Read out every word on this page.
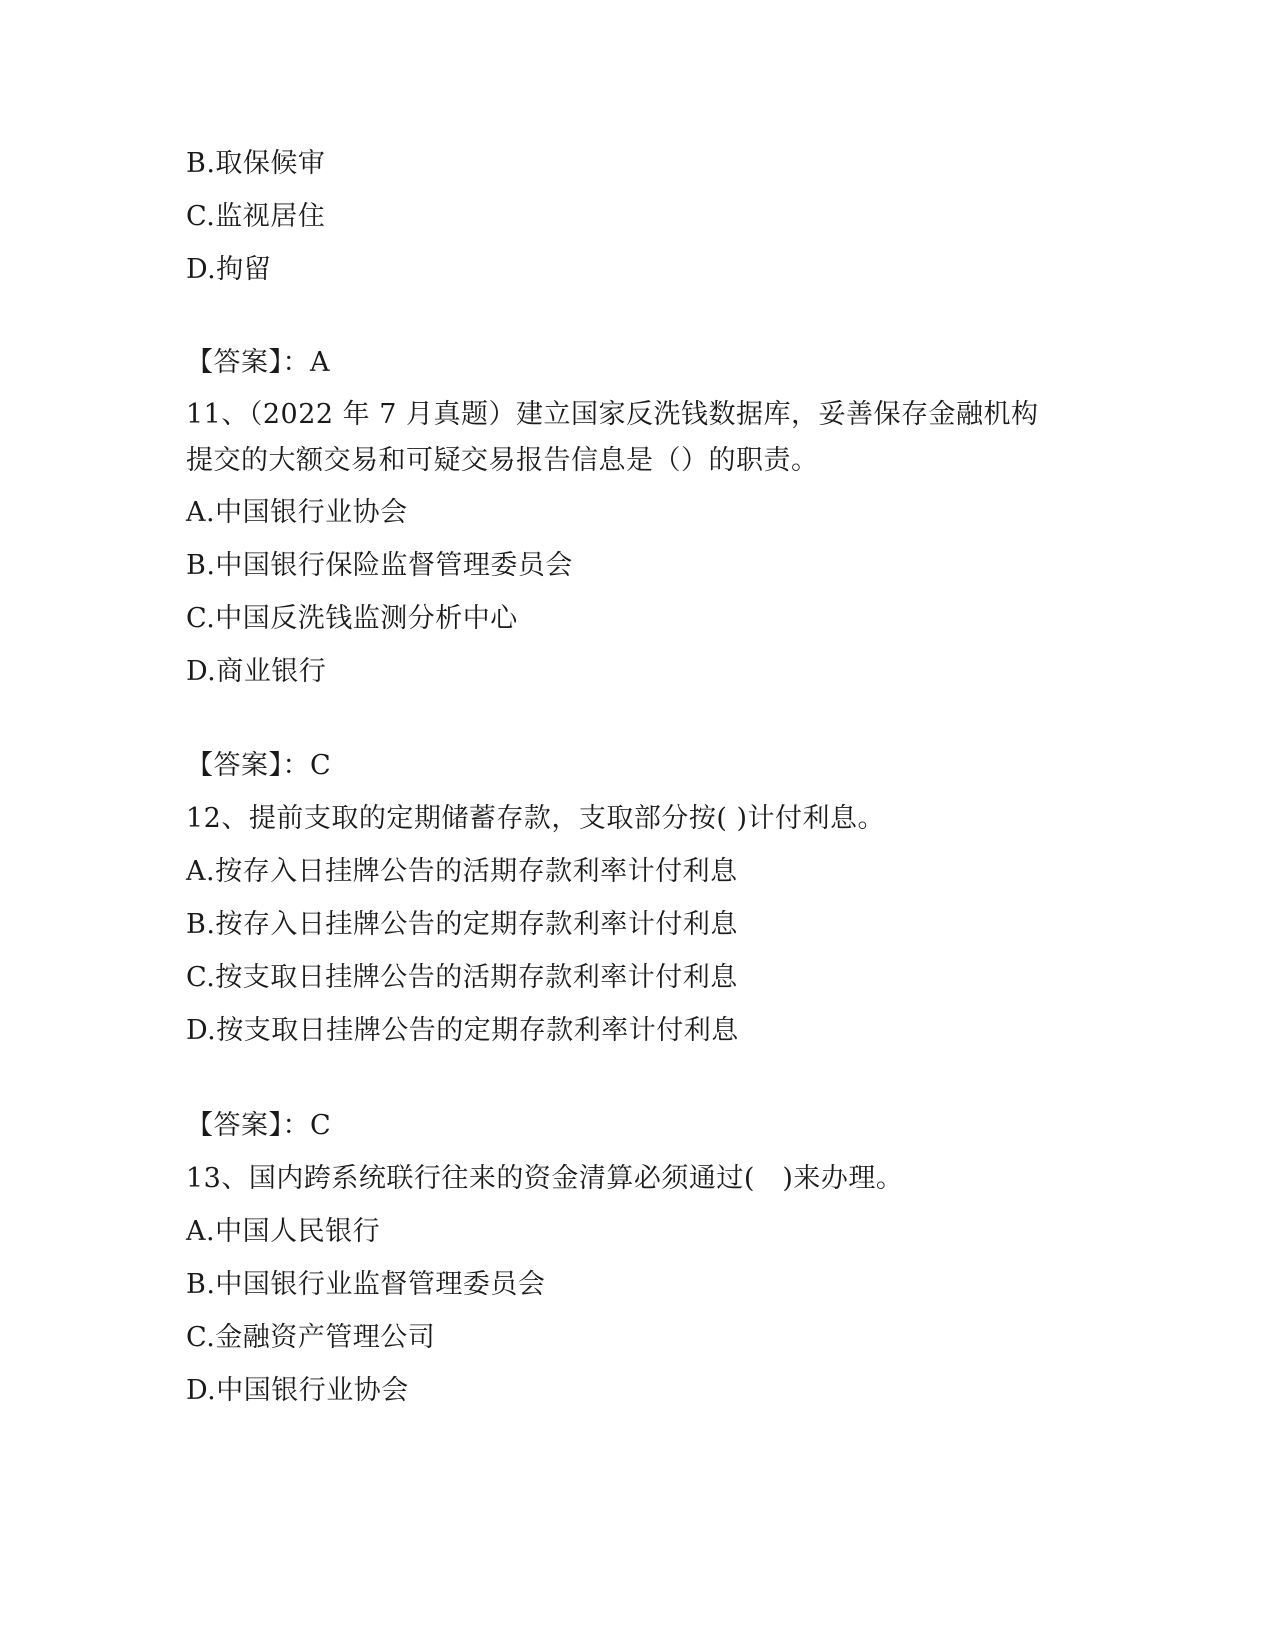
B.取保候审
C.监视居住
D.拘留
【答案】：A
11、（2022 年 7 月真题）建立国家反洗钱数据库，妥善保存金融机构
提交的大额交易和可疑交易报告信息是（）的职责。
A.中国银行业协会
B.中国银行保险监督管理委员会
C.中国反洗钱监测分析中心
D.商业银行
【答案】：C
12、提前支取的定期储蓄存款，支取部分按( )计付利息。
A.按存入日挂牌公告的活期存款利率计付利息
B.按存入日挂牌公告的定期存款利率计付利息
C.按支取日挂牌公告的活期存款利率计付利息
D.按支取日挂牌公告的定期存款利率计付利息
【答案】：C
13、国内跨系统联行往来的资金清算必须通过(　)来办理。
A.中国人民银行
B.中国银行业监督管理委员会
C.金融资产管理公司
D.中国银行业协会
